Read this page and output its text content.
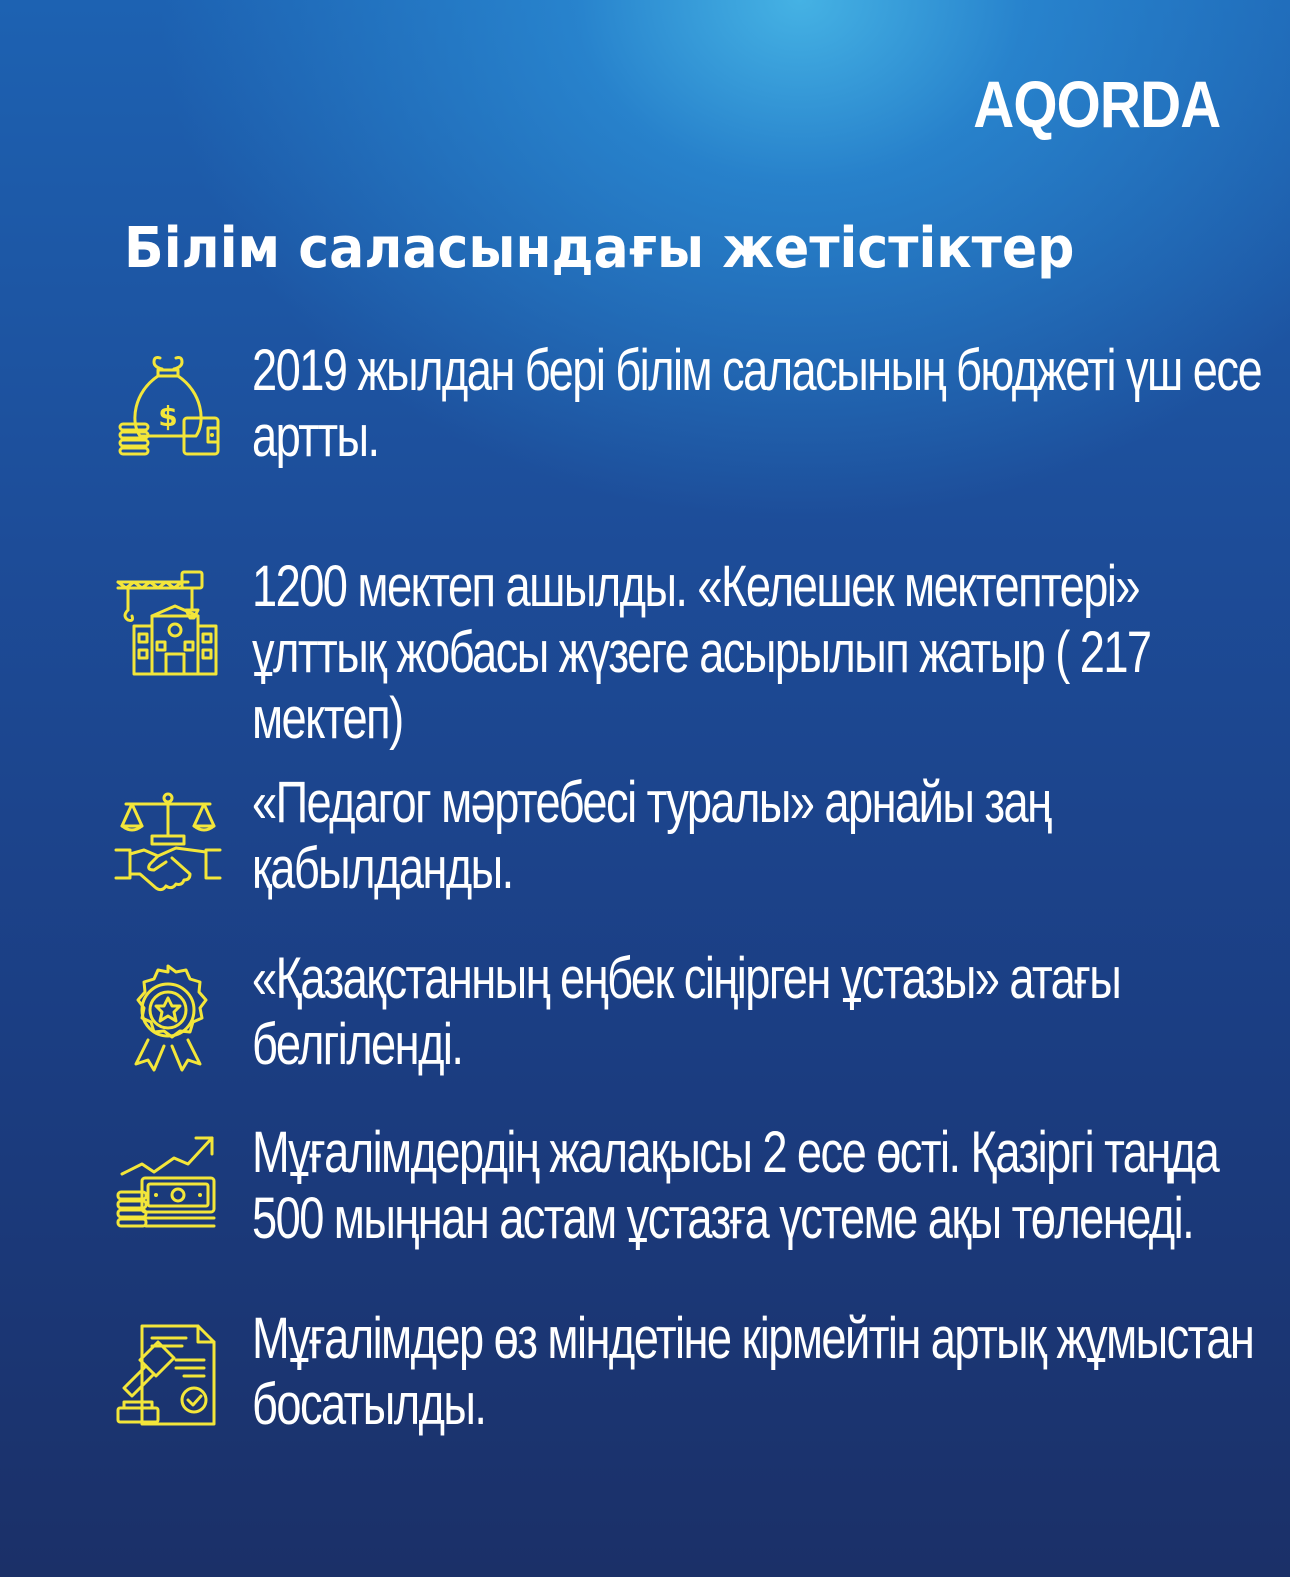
AQORDA
Білім саласындағы жетістіктер
$
2019 жылдан бері білім саласының бюджеті үш есе артты.
1200 мектеп ашылды. «Келешек мектептері» ұлттық жобасы жүзеге асырылып жатыр ( 217 мектеп)
«Педагог мәртебесі туралы» арнайы заң қабылданды.
«Қазақстанның еңбек сіңірген ұстазы» атағы белгіленді.
Мұғалімдердің жалақысы 2 есе өсті. Қазіргі таңда 500 мыңнан астам ұстазға үстеме ақы төленеді.
Мұғалімдер өз міндетіне кірмейтін артық жұмыстан босатылды.
